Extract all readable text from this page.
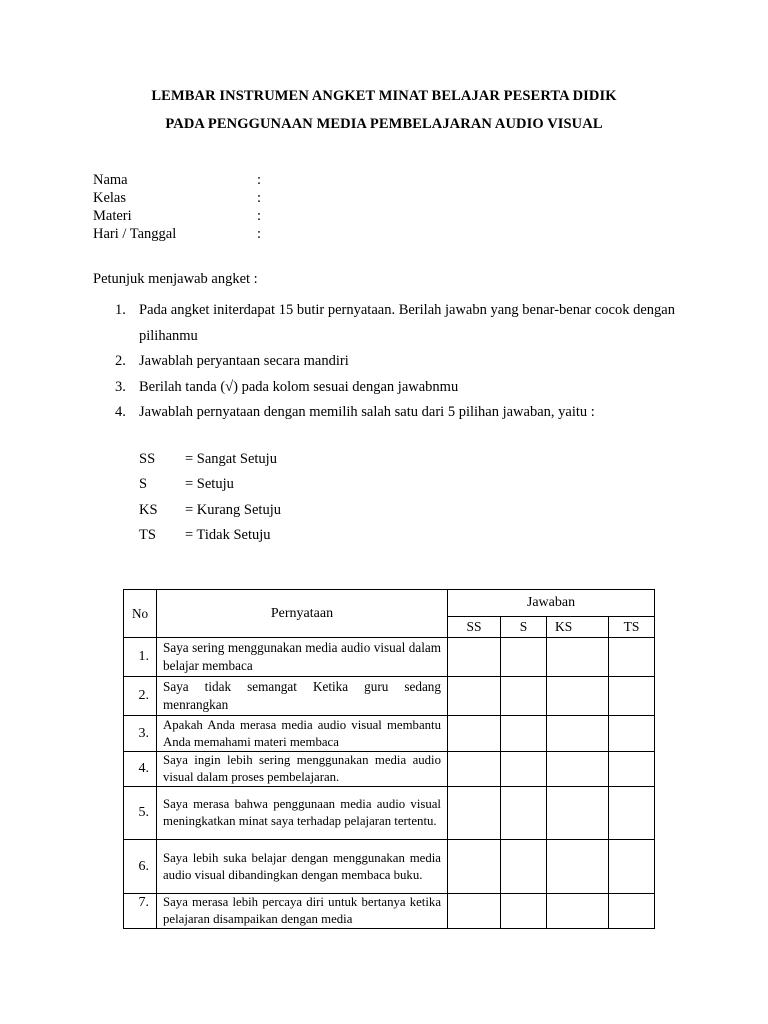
LEMBAR INSTRUMEN ANGKET MINAT BELAJAR PESERTA DIDIK
PADA PENGGUNAAN MEDIA PEMBELAJARAN AUDIO VISUAL
Nama	:
Kelas	:
Materi	:
Hari / Tanggal	:
Petunjuk menjawab angket :
1. Pada angket initerdapat 15 butir pernyataan. Berilah jawabn yang benar-benar cocok dengan pilihanmu
2. Jawablah peryantaan secara mandiri
3. Berilah tanda (√) pada kolom sesuai dengan jawabnmu
4. Jawablah pernyataan dengan memilih salah satu dari 5 pilihan jawaban, yaitu :
SS	= Sangat Setuju
S	= Setuju
KS	= Kurang Setuju
TS	= Tidak Setuju
No	Pernyataan	Jawaban			
		SS	S	KS	TS
1.	Saya sering menggunakan media audio visual dalam belajar membaca				
2.	Saya tidak semangat Ketika guru sedang menrangkan				
3.	Apakah Anda merasa media audio visual membantu Anda memahami materi membaca				
4.	Saya ingin lebih sering menggunakan media audio visual dalam proses pembelajaran.				
5.	Saya merasa bahwa penggunaan media audio visual meningkatkan minat saya terhadap pelajaran tertentu.				
6.	Saya lebih suka belajar dengan menggunakan media audio visual dibandingkan dengan membaca buku.				
7.	Saya merasa lebih percaya diri untuk bertanya ketika pelajaran disampaikan dengan media				
